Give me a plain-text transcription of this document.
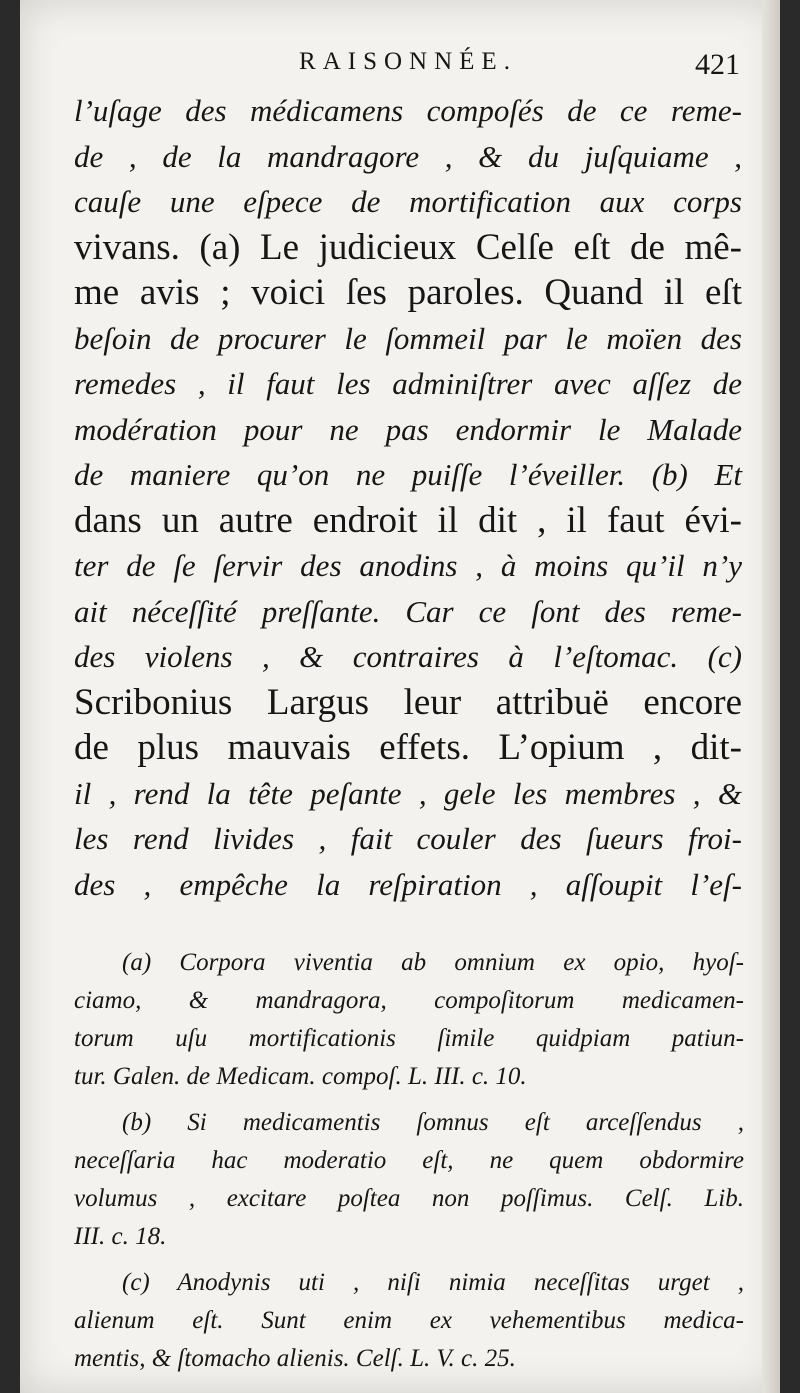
RAISONNÉE.	421
l’uſage des médicamens compoſés de ce reme-
de , de la mandragore , & du juſquiame ,
cauſe une eſpece de mortification aux corps
vivans. (a) Le judicieux Celſe eſt de mê-
me avis ; voici ſes paroles. Quand il eſt
beſoin de procurer le ſommeil par le moïen des
remedes , il faut les adminiſtrer avec aſſez de
modération pour ne pas endormir le Malade
de maniere qu’on ne puiſſe l’éveiller. (b) Et
dans un autre endroit il dit , il faut évi-
ter de ſe ſervir des anodins , à moins qu’il n’y
ait néceſſité preſſante. Car ce ſont des reme-
des violens , & contraires à l’eſtomac. (c)
Scribonius Largus leur attribuë encore
de plus mauvais effets. L’opium , dit-
il , rend la tête peſante , gele les membres , &
les rend livides , fait couler des ſueurs froi-
des , empêche la reſpiration , aſſoupit l’eſ-
(a) Corpora viventia ab omnium ex opio, hyoſ-
ciamo, & mandragora, compoſitorum medicamen-
torum uſu mortificationis ſimile quidpiam patiun-
tur. Galen. de Medicam. compoſ. L. III. c. 10.
(b) Si medicamentis ſomnus eſt arceſſendus ,
neceſſaria hac moderatio eſt, ne quem obdormire
volumus , excitare poſtea non poſſimus. Celſ. Lib.
III. c. 18.
(c) Anodynis uti , niſi nimia neceſſitas urget ,
alienum eſt. Sunt enim ex vehementibus medica-
mentis, & ſtomacho alienis. Celſ. L. V. c. 25.
